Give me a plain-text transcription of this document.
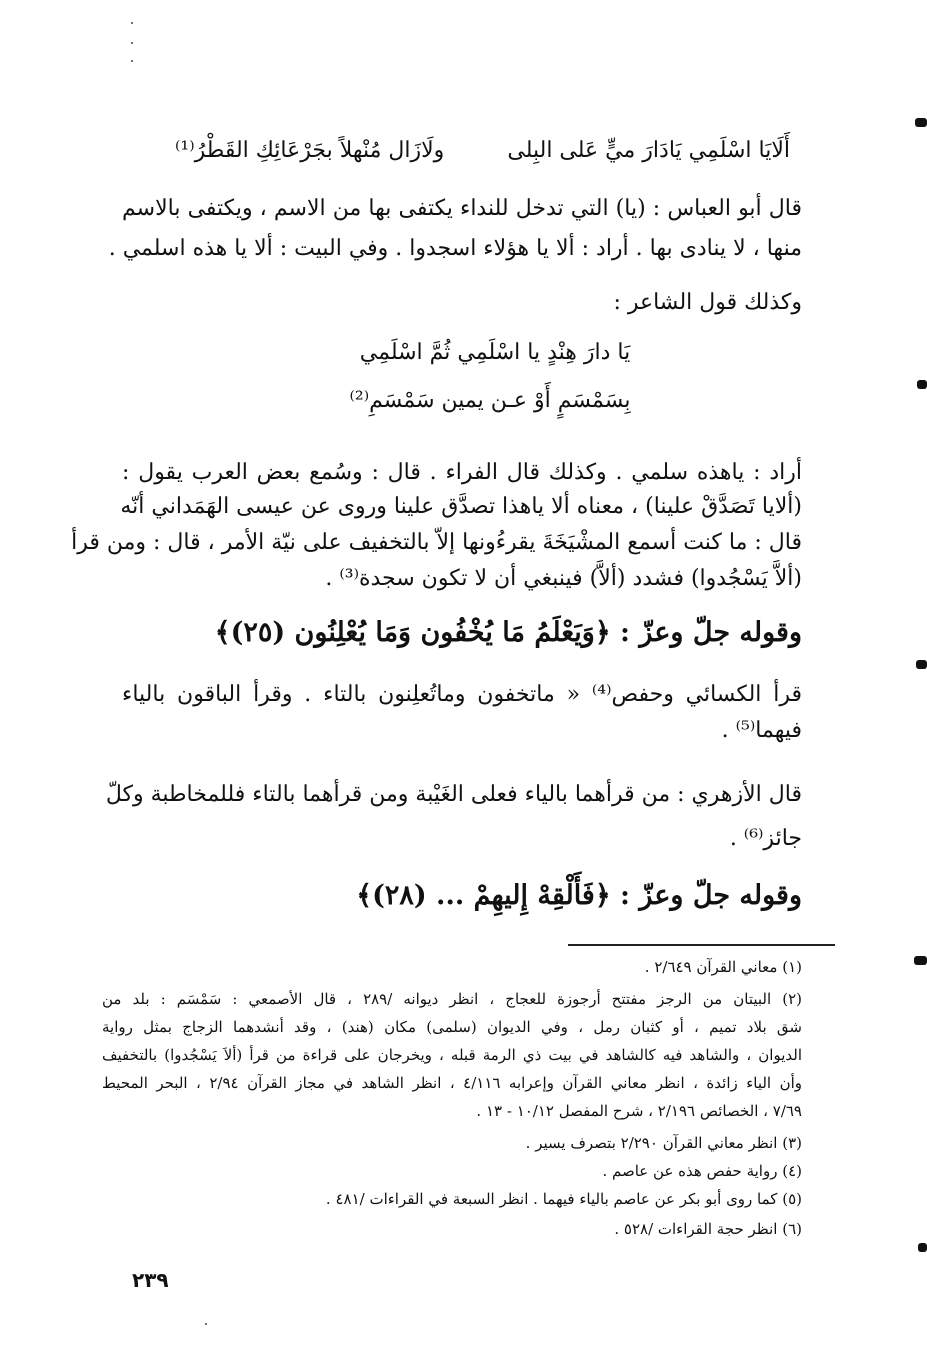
أَلَايَا اسْلَمِي يَادَارَ ميٍّ عَلى البِلى
ولَازَال مُنْهلاً بجَرْعَائِكِ القَطْرُ⁽¹⁾
قال أبو العباس : (يا) التي تدخل للنداء يكتفى بها من الاسم ، ويكتفى بالاسم
منها ، لا ينادى بها . أراد : ألا يا هؤلاء اسجدوا . وفي البيت : ألا يا هذه اسلمي .
وكذلك قول الشاعر :
يَا دارَ هِنْدٍ يا اسْلَمِي ثُمَّ اسْلَمِي
بِسَمْسَمٍ أَوْ عـن يمين سَمْسَمِ⁽²⁾
أراد : ياهذه سلمي . وكذلك قال الفراء . قال : وسُمع بعض العرب يقول :
(ألايا تَصَدَّقْ علينا) ، معناه ألا ياهذا تصدَّق علينا وروى عن عيسى الهَمَداني أنّه
قال : ما كنت أسمع المشْيَخَةَ يقرءُونها إلاّ بالتخفيف على نيّة الأمر ، قال : ومن قرأ
(ألاَّ يَسْجُدوا) فشدد (ألاَّ) فينبغي أن لا تكون سجدة⁽³⁾ .
وقوله جلّ وعزّ : ﴿وَيَعْلَمُ مَا يُخْفُون وَمَا يُعْلِنُون (٢٥)﴾
قرأ الكسائي وحفص⁽⁴⁾ « ماتخفون وماتُعلِنون بالتاء . وقرأ الباقون بالياء
فيهما⁽⁵⁾ .
قال الأزهري : من قرأهما بالياء فعلى الغَيْبة ومن قرأهما بالتاء فللمخاطبة وكلّ
جائز⁽⁶⁾ .
وقوله جلّ وعزّ : ﴿فَأَلْقِهْ إِليهِمْ ... (٢٨)﴾
(١) معاني القرآن ٢/٦٤٩ .
(٢) البيتان من الرجز مفتتح أرجوزة للعجاج ، انظر ديوانه /٢٨٩ ، قال الأصمعي : سَمْسَم : بلد من
شق بلاد تميم ، أو كثبان رمل ، وفي الديوان (سلمى) مكان (هند) ، وقد أنشدهما الزجاج بمثل رواية
الديوان ، والشاهد فيه كالشاهد في بيت ذي الرمة قبله ، ويخرجان على قراءة من قرأ (ألاَ يَسْجُدوا) بالتخفيف
وأن الياء زائدة ، انظر معاني القرآن وإعرابه ٤/١١٦ ، انظر الشاهد في مجاز القرآن ٢/٩٤ ، البحر المحيط
٧/٦٩ ، الخصائص ٢/١٩٦ ، شرح المفصل ١٠/١٢ - ١٣ .
(٣) انظر معاني القرآن ٢/٢٩٠ بتصرف يسير .
(٤) رواية حفص هذه عن عاصم .
(٥) كما روى أبو بكر عن عاصم بالياء فيهما . انظر السبعة في القراءات /٤٨١ .
(٦) انظر حجة القراءات /٥٢٨ .
٢٣٩
